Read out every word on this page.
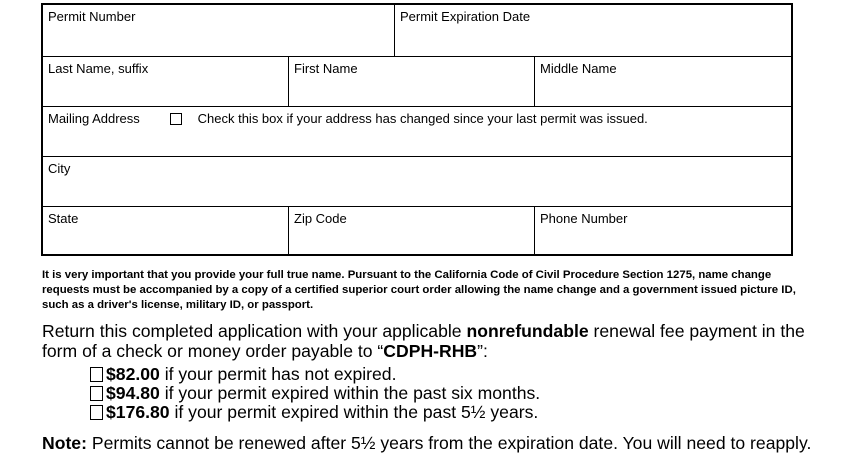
Permit Number	Permit Expiration Date
Last Name, suffix	First Name	Middle Name
Mailing Address	Check this box if your address has changed since your last permit was issued.
City
State	Zip Code	Phone Number
It is very important that you provide your full true name. Pursuant to the California Code of Civil Procedure Section 1275, name change requests must be accompanied by a copy of a certified superior court order allowing the name change and a government issued picture ID, such as a driver's license, military ID, or passport.
Return this completed application with your applicable nonrefundable renewal fee payment in the form of a check or money order payable to “CDPH-RHB”:
$82.00 if your permit has not expired.
$94.80 if your permit expired within the past six months.
$176.80 if your permit expired within the past 5½ years.
Note: Permits cannot be renewed after 5½ years from the expiration date. You will need to reapply.
